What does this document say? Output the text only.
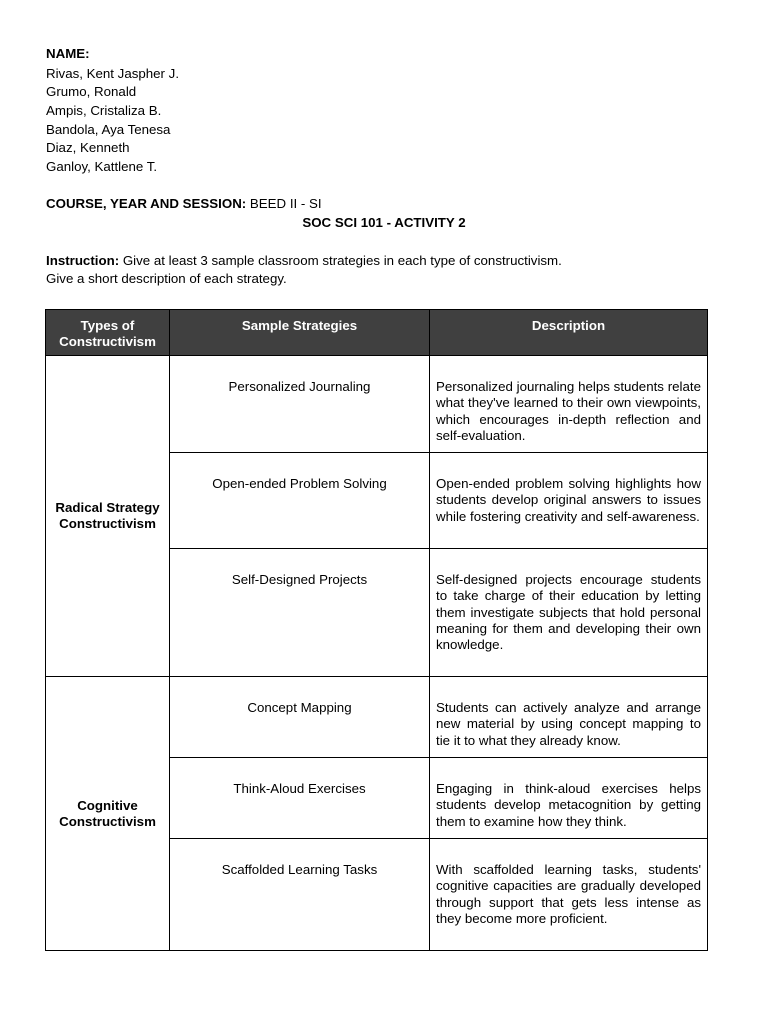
NAME:
Rivas, Kent Jaspher J.
Grumo, Ronald
Ampis, Cristaliza B.
Bandola, Aya Tenesa
Diaz, Kenneth
Ganloy, Kattlene T.
COURSE, YEAR AND SESSION: BEED II - SI
SOC SCI 101 - ACTIVITY 2
Instruction: Give at least 3 sample classroom strategies in each type of constructivism.
Give a short description of each strategy.
Types of Constructivism	Sample Strategies	Description
Radical Strategy Constructivism	Personalized Journaling	Personalized journaling helps students relate what they've learned to their own viewpoints, which encourages in-depth reflection and self-evaluation.
	Open-ended Problem Solving	Open-ended problem solving highlights how students develop original answers to issues while fostering creativity and self-awareness.
	Self-Designed Projects	Self-designed projects encourage students to take charge of their education by letting them investigate subjects that hold personal meaning for them and developing their own knowledge.
Cognitive Constructivism	Concept Mapping	Students can actively analyze and arrange new material by using concept mapping to tie it to what they already know.
	Think-Aloud Exercises	Engaging in think-aloud exercises helps students develop metacognition by getting them to examine how they think.
	Scaffolded Learning Tasks	With scaffolded learning tasks, students' cognitive capacities are gradually developed through support that gets less intense as they become more proficient.
